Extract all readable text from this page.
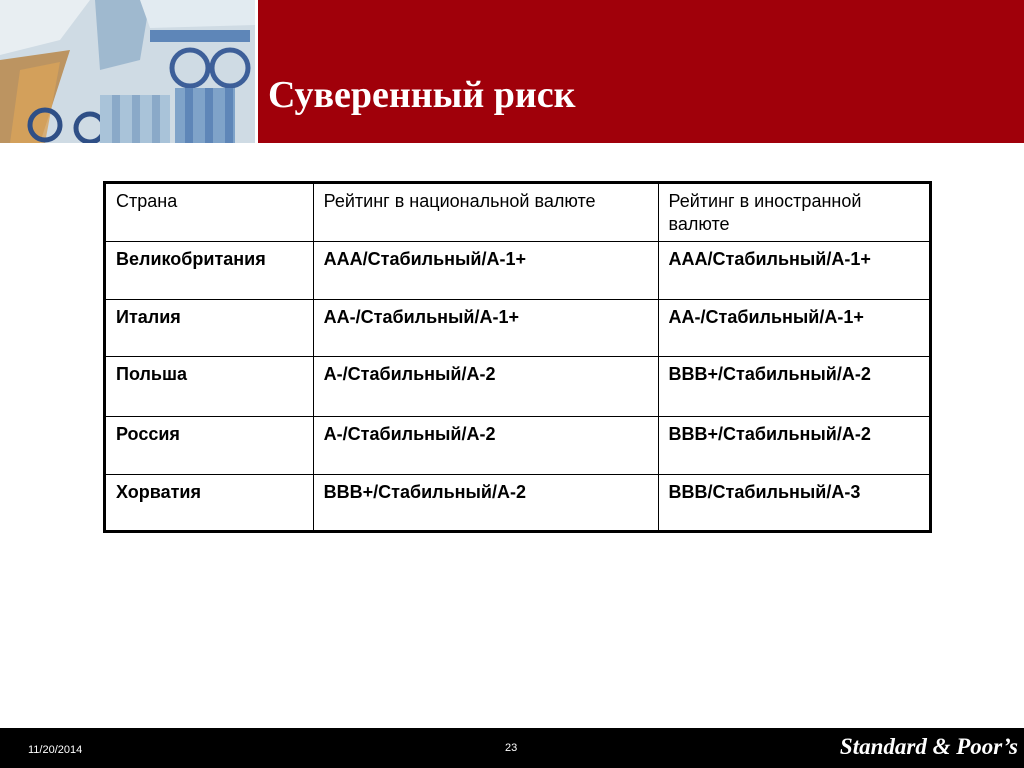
Суверенный риск
Страна	Рейтинг в национальной валюте	Рейтинг в иностранной валюте
Великобритания	AAA/Стабильный/A-1+	AAA/Стабильный/A-1+
Италия	AA-/Стабильный/A-1+	AA-/Стабильный/A-1+
Польша	A-/Стабильный/A-2	BBB+/Стабильный/A-2
Россия	A-/Стабильный/A-2	BBB+/Стабильный/A-2
Хорватия	BBB+/Стабильный/A-2	BBB/Стабильный/A-3
11/20/2014	23	Standard & Poor’s
